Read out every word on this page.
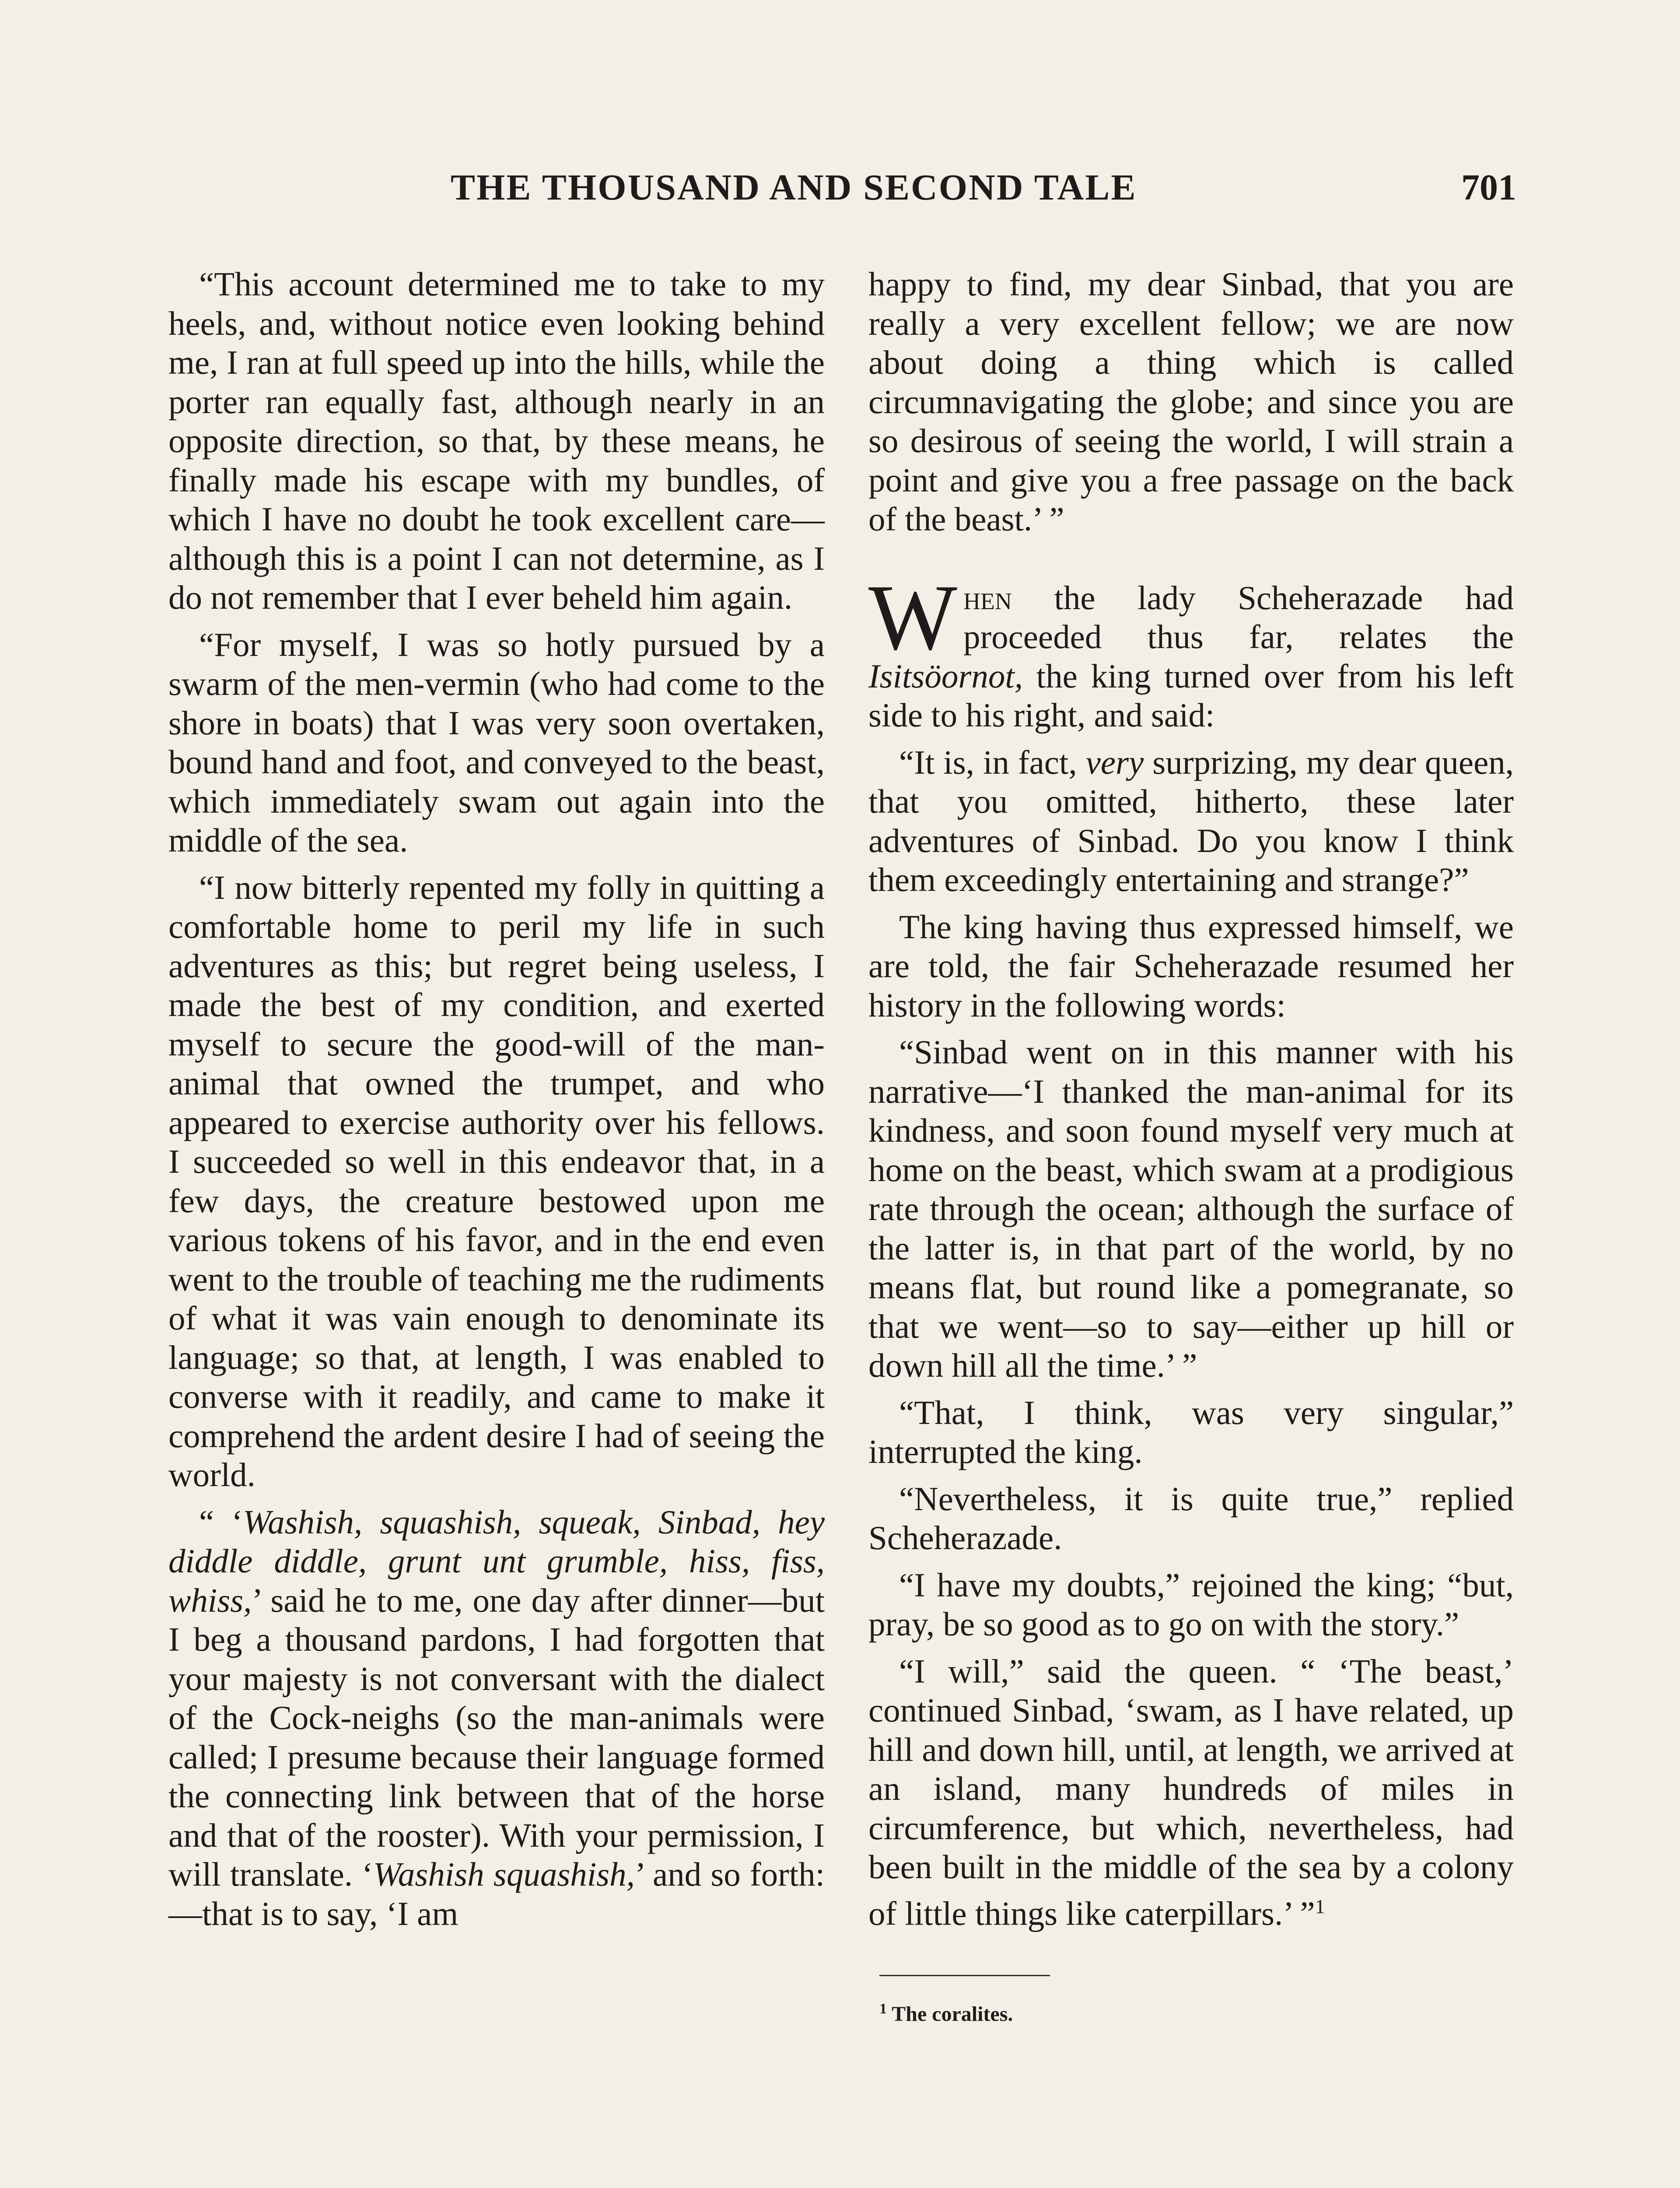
THE THOUSAND AND SECOND TALE	701

“This account determined me to take to my heels, and, without notice even looking behind me, I ran at full speed up into the hills, while the porter ran equally fast, although nearly in an opposite direction, so that, by these means, he finally made his escape with my bundles, of which I have no doubt he took excellent care—although this is a point I can not determine, as I do not remember that I ever beheld him again.

“For myself, I was so hotly pursued by a swarm of the men-vermin (who had come to the shore in boats) that I was very soon overtaken, bound hand and foot, and conveyed to the beast, which immediately swam out again into the middle of the sea.

“I now bitterly repented my folly in quitting a comfortable home to peril my life in such adventures as this; but regret being useless, I made the best of my condition, and exerted myself to secure the good-will of the man-animal that owned the trumpet, and who appeared to exercise authority over his fellows. I succeeded so well in this endeavor that, in a few days, the creature bestowed upon me various tokens of his favor, and in the end even went to the trouble of teaching me the rudiments of what it was vain enough to denominate its language; so that, at length, I was enabled to converse with it readily, and came to make it comprehend the ardent desire I had of seeing the world.

“ ‘Washish, squashish, squeak, Sinbad, hey diddle diddle, grunt unt grumble, hiss, fiss, whiss,’ said he to me, one day after dinner—but I beg a thousand pardons, I had forgotten that your majesty is not conversant with the dialect of the Cock-neighs (so the man-animals were called; I presume because their language formed the connecting link between that of the horse and that of the rooster). With your permission, I will translate. ‘Washish squashish,’ and so forth:—that is to say, ‘I am

happy to find, my dear Sinbad, that you are really a very excellent fellow; we are now about doing a thing which is called circumnavigating the globe; and since you are so desirous of seeing the world, I will strain a point and give you a free passage on the back of the beast.’ ”

When the lady Scheherazade had proceeded thus far, relates the Isitsöornot, the king turned over from his left side to his right, and said:

“It is, in fact, very surprizing, my dear queen, that you omitted, hitherto, these later adventures of Sinbad. Do you know I think them exceedingly entertaining and strange?”

The king having thus expressed himself, we are told, the fair Scheherazade resumed her history in the following words:

“Sinbad went on in this manner with his narrative—‘I thanked the man-animal for its kindness, and soon found myself very much at home on the beast, which swam at a prodigious rate through the ocean; although the surface of the latter is, in that part of the world, by no means flat, but round like a pomegranate, so that we went—so to say—either up hill or down hill all the time.’ ”

“That, I think, was very singular,” interrupted the king.

“Nevertheless, it is quite true,” replied Scheherazade.

“I have my doubts,” rejoined the king; “but, pray, be so good as to go on with the story.”

“I will,” said the queen. “ ‘The beast,’ continued Sinbad, ‘swam, as I have related, up hill and down hill, until, at length, we arrived at an island, many hundreds of miles in circumference, but which, nevertheless, had been built in the middle of the sea by a colony of little things like caterpillars.’ ”$^1$

$^1$ The coralites.
